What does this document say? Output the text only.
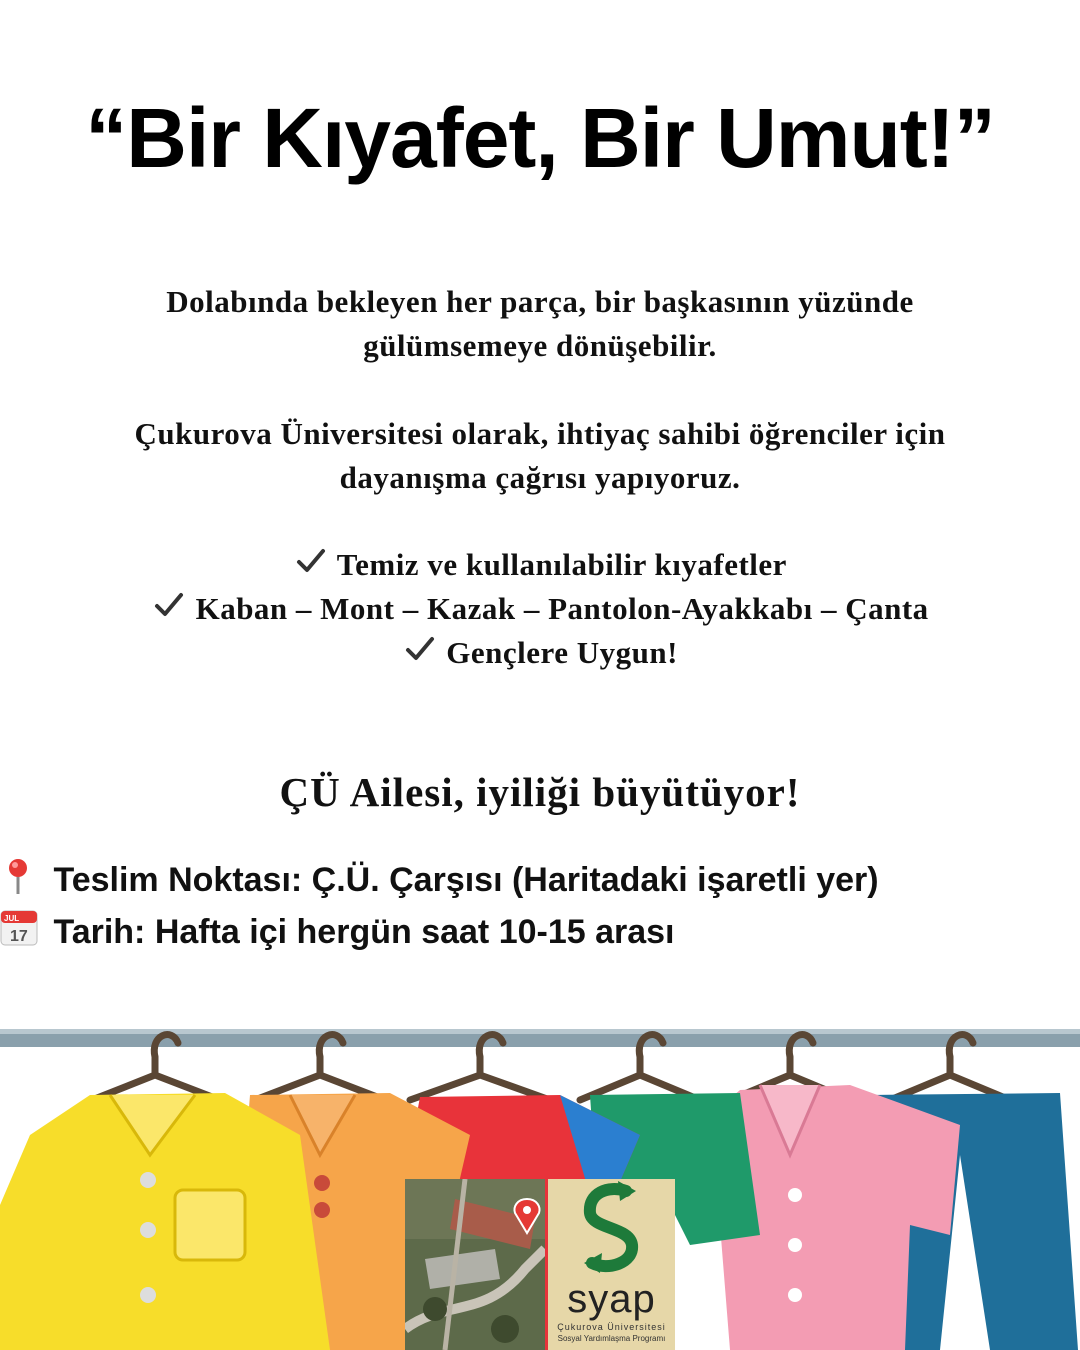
“Bir Kıyafet, Bir Umut!”
Dolabında bekleyen her parça, bir başkasının yüzünde
gülümsemeye dönüşebilir.
Çukurova Üniversitesi olarak, ihtiyaç sahibi öğrenciler için
dayanışma çağrısı yapıyoruz.
Temiz ve kullanılabilir kıyafetler
Kaban – Mont – Kazak – Pantolon-Ayakkabı – Çanta
Gençlere Uygun!
ÇÜ Ailesi, iyiliği büyütüyor!
Teslim Noktası: Ç.Ü. Çarşısı (Haritadaki işaretli yer)
JUL
17 Tarih: Hafta içi hergün saat 10-15 arası
syap
Çukurova Üniversitesi
Sosyal Yardımlaşma Programı
